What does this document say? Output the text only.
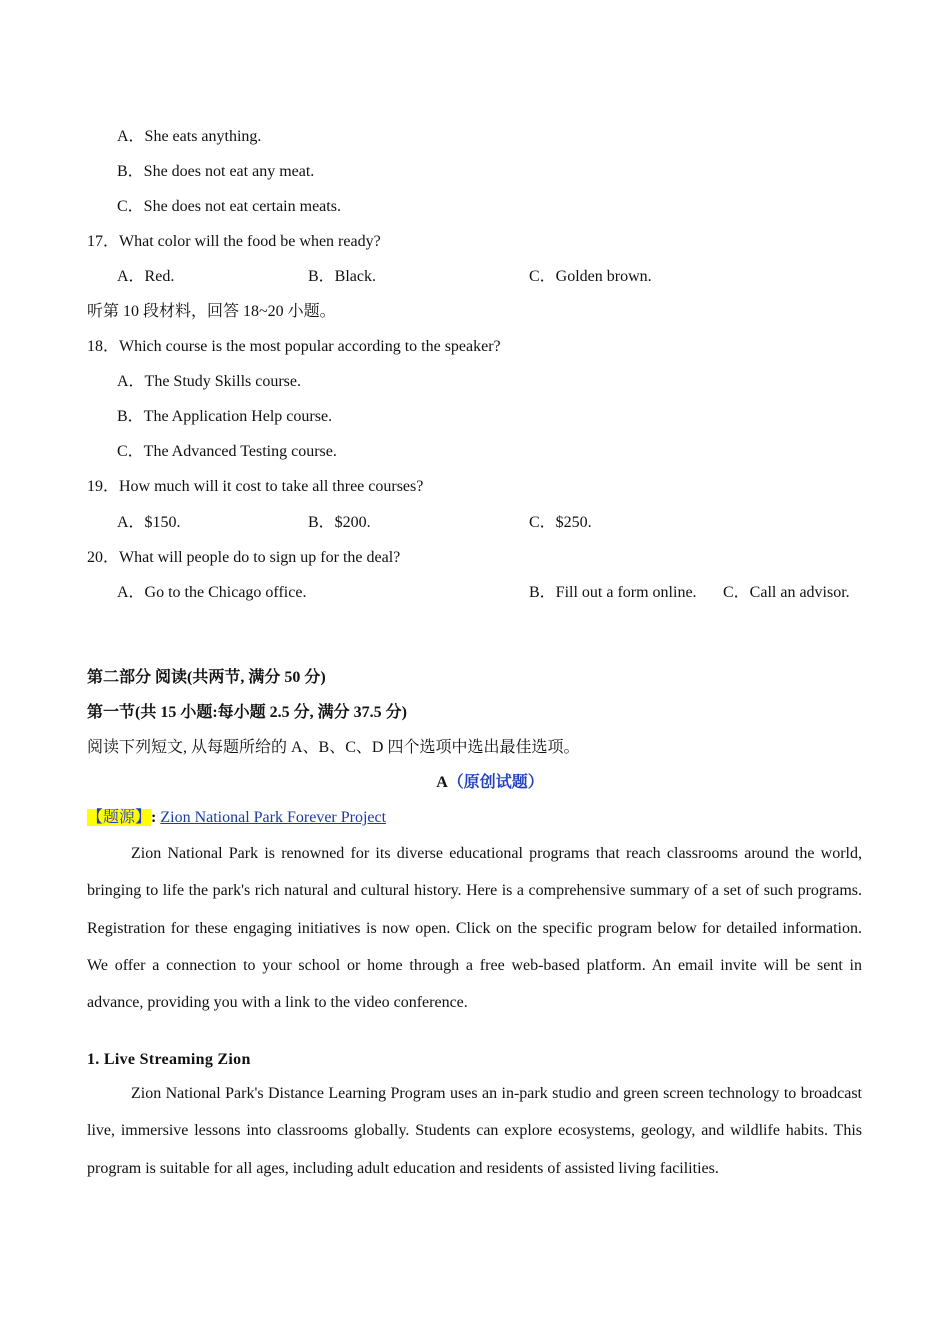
A．She eats anything.
B．She does not eat any meat.
C．She does not eat certain meats.
17．What color will the food be when ready?
A．Red.	B．Black.	C．Golden brown.
听第 10 段材料，回答 18~20 小题。
18．Which course is the most popular according to the speaker?
A．The Study Skills course.
B．The Application Help course.
C．The Advanced Testing course.
19．How much will it cost to take all three courses?
A．$150.	B．$200.	C．$250.
20．What will people do to sign up for the deal?
A．Go to the Chicago office.	B．Fill out a form online. C．Call an advisor.
第二部分 阅读(共两节, 满分 50 分)
第一节(共 15 小题:每小题 2.5 分, 满分 37.5 分)
阅读下列短文, 从每题所给的 A、B、C、D 四个选项中选出最佳选项。
A（原创试题）
【题源】: Zion National Park Forever Project
Zion National Park is renowned for its diverse educational programs that reach classrooms around the world, bringing to life the park's rich natural and cultural history. Here is a comprehensive summary of a set of such programs. Registration for these engaging initiatives is now open. Click on the specific program below for detailed information. We offer a connection to your school or home through a free web-based platform. An email invite will be sent in advance, providing you with a link to the video conference.
1. Live Streaming Zion
Zion National Park's Distance Learning Program uses an in-park studio and green screen technology to broadcast live, immersive lessons into classrooms globally. Students can explore ecosystems, geology, and wildlife habits. This program is suitable for all ages, including adult education and residents of assisted living facilities.
